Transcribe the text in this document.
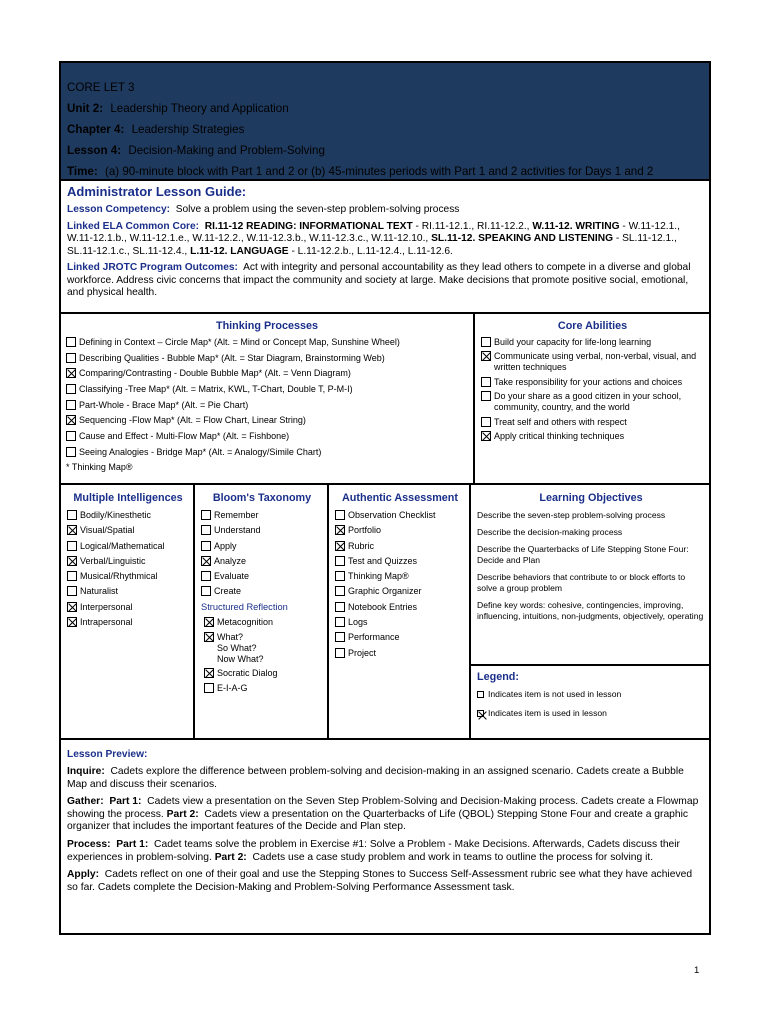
CORE LET 3
Unit 2: Leadership Theory and Application
Chapter 4: Leadership Strategies
Lesson 4: Decision-Making and Problem-Solving
Time: (a) 90-minute block with Part 1 and 2 or (b) 45-minutes periods with Part 1 and 2 activities for Days 1 and 2
Administrator Lesson Guide:

Lesson Competency: Solve a problem using the seven-step problem-solving process

Linked ELA Common Core: RI.11-12 READING: INFORMATIONAL TEXT - RI.11-12.1., RI.11-12.2., W.11-12. WRITING - W.11-12.1., W.11-12.1.b., W.11-12.1.e., W.11-12.2., W.11-12.3.b., W.11-12.3.c., W.11-12.10., SL.11-12. SPEAKING AND LISTENING - SL.11-12.1., SL.11-12.1.c., SL.11-12.4., L.11-12. LANGUAGE - L.11-12.2.b., L.11-12.4., L.11-12.6.

Linked JROTC Program Outcomes: Act with integrity and personal accountability as they lead others to compete in a diverse and global workforce. Address civic concerns that impact the community and society at large. Make decisions that promote positive social, emotional, and physical health.

Thinking Processes
Defining in Context – Circle Map* (Alt. = Mind or Concept Map, Sunshine Wheel)
Describing Qualities - Bubble Map* (Alt. = Star Diagram, Brainstorming Web)
Comparing/Contrasting - Double Bubble Map* (Alt. = Venn Diagram)
Classifying -Tree Map* (Alt. = Matrix, KWL, T-Chart, Double T, P-M-I)
Part-Whole - Brace Map* (Alt. = Pie Chart)
Sequencing -Flow Map* (Alt. = Flow Chart, Linear String)
Cause and Effect - Multi-Flow Map* (Alt. = Fishbone)
Seeing Analogies - Bridge Map* (Alt. = Analogy/Simile Chart)
* Thinking Map®
Core Abilities
Build your capacity for life-long learning
Communicate using verbal, non-verbal, visual, and written techniques
Take responsibility for your actions and choices
Do your share as a good citizen in your school, community, country, and the world
Treat self and others with respect
Apply critical thinking techniques
Multiple Intelligences
Bodily/Kinesthetic
Visual/Spatial
Logical/Mathematical
Verbal/Linguistic
Musical/Rhythmical
Naturalist
Interpersonal
Intrapersonal
Bloom's Taxonomy
Remember
Understand
Apply
Analyze
Evaluate
Create
Structured Reflection
Metacognition
What?
So What?
Now What?
Socratic Dialog
E-I-A-G
Authentic Assessment
Observation Checklist
Portfolio
Rubric
Test and Quizzes
Thinking Map®
Graphic Organizer
Notebook Entries
Logs
Performance
Project
Learning Objectives

Describe the seven-step problem-solving process

Describe the decision-making process

Describe the Quarterbacks of Life Stepping Stone Four: Decide and Plan

Describe behaviors that contribute to or block efforts to solve a group problem

Define key words: cohesive, contingencies, improving, influencing, intuitions, non-judgments, objectively, operating

Legend:
Indicates item is not used in lesson
Indicates item is used in lesson
Lesson Preview:

Inquire: Cadets explore the difference between problem-solving and decision-making in an assigned scenario. Cadets create a Bubble Map and discuss their scenarios.

Gather: Part 1: Cadets view a presentation on the Seven Step Problem-Solving and Decision-Making process. Cadets create a Flowmap showing the process. Part 2: Cadets view a presentation on the Quarterbacks of Life (QBOL) Stepping Stone Four and create a graphic organizer that includes the important features of the Decide and Plan step.

Process: Part 1: Cadet teams solve the problem in Exercise #1: Solve a Problem - Make Decisions. Afterwards, Cadets discuss their experiences in problem-solving. Part 2: Cadets use a case study problem and work in teams to outline the process for solving it.

Apply: Cadets reflect on one of their goal and use the Stepping Stones to Success Self-Assessment rubric see what they have achieved so far. Cadets complete the Decision-Making and Problem-Solving Performance Assessment task.

1
